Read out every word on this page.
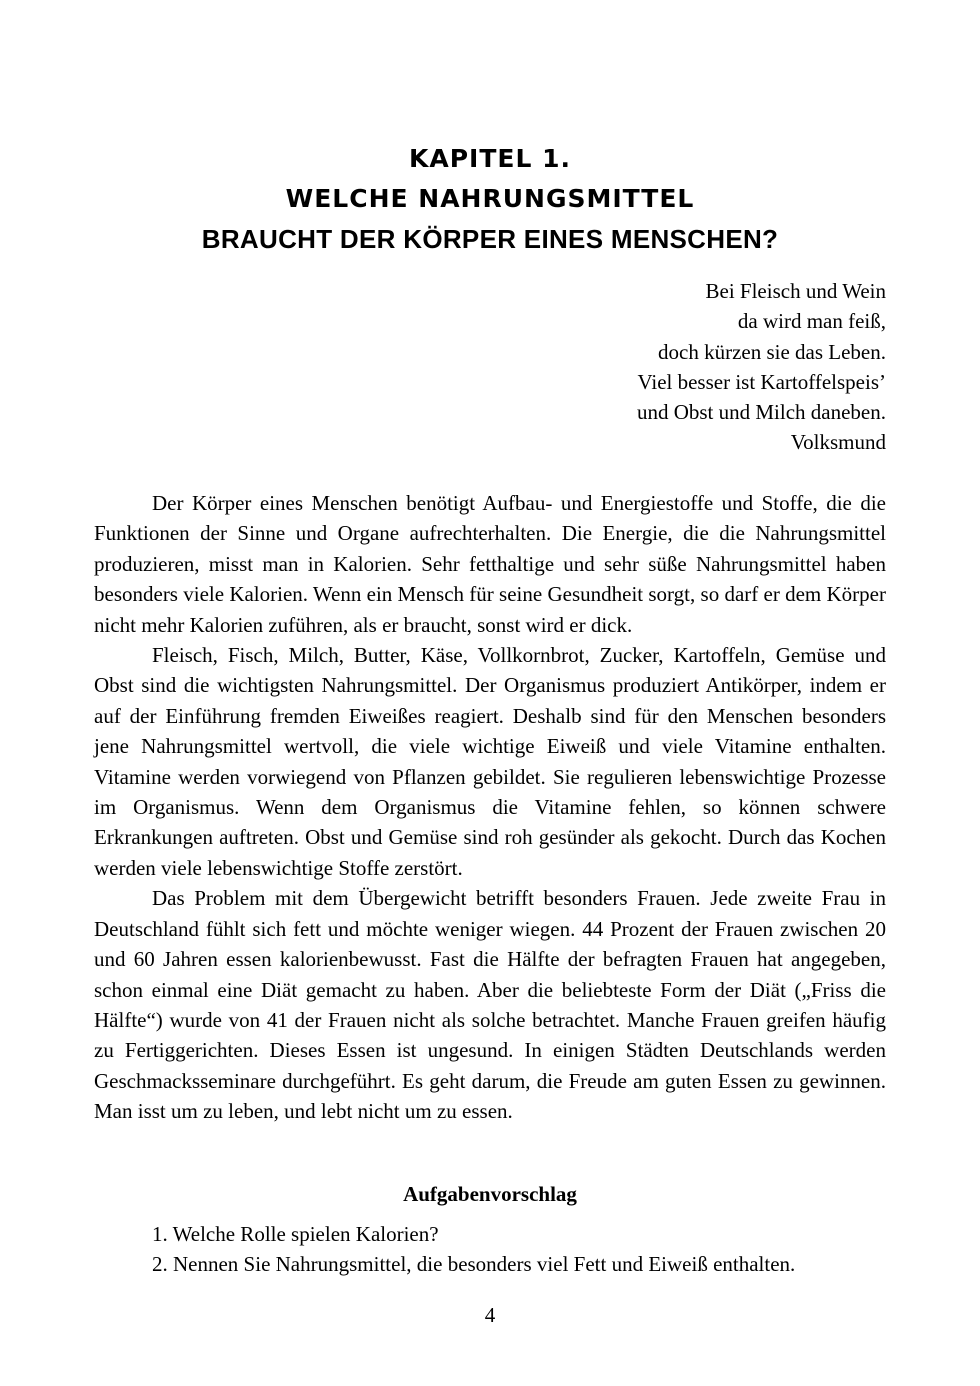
KAPITEL 1.
WELCHE NAHRUNGSMITTEL
BRAUCHT DER KÖRPER EINES MENSCHEN?
Bei Fleisch und Wein
da wird man feiß,
doch kürzen sie das Leben.
Viel besser ist Kartoffelspeis’
und Obst und Milch daneben.
Volksmund

Der Körper eines Menschen benötigt Aufbau- und Energiestoffe und Stoffe, die die Funktionen der Sinne und Organe aufrechterhalten. Die Energie, die die Nahrungsmittel produzieren, misst man in Kalorien. Sehr fetthaltige und sehr süße Nahrungsmittel haben besonders viele Kalorien. Wenn ein Mensch für seine Gesundheit sorgt, so darf er dem Körper nicht mehr Kalorien zuführen, als er braucht, sonst wird er dick.

Fleisch, Fisch, Milch, Butter, Käse, Vollkornbrot, Zucker, Kartoffeln, Gemüse und Obst sind die wichtigsten Nahrungsmittel. Der Organismus produziert Antikörper, indem er auf der Einführung fremden Eiweißes reagiert. Deshalb sind für den Menschen besonders jene Nahrungsmittel wertvoll, die viele wichtige Eiweiß und viele Vitamine enthalten. Vitamine werden vorwiegend von Pflanzen gebildet. Sie regulieren lebenswichtige Prozesse im Organismus. Wenn dem Organismus die Vitamine fehlen, so können schwere Erkrankungen auftreten. Obst und Gemüse sind roh gesünder als gekocht. Durch das Kochen werden viele lebenswichtige Stoffe zerstört.

Das Problem mit dem Übergewicht betrifft besonders Frauen. Jede zweite Frau in Deutschland fühlt sich fett und möchte weniger wiegen. 44 Prozent der Frauen zwischen 20 und 60 Jahren essen kalorienbewusst. Fast die Hälfte der befragten Frauen hat angegeben, schon einmal eine Diät gemacht zu haben. Aber die beliebteste Form der Diät („Friss die Hälfte“) wurde von 41 der Frauen nicht als solche betrachtet. Manche Frauen greifen häufig zu Fertiggerichten. Dieses Essen ist ungesund. In einigen Städten Deutschlands werden Geschmacksseminare durchgeführt. Es geht darum, die Freude am guten Essen zu gewinnen. Man isst um zu leben, und lebt nicht um zu essen.

Aufgabenvorschlag
1. Welche Rolle spielen Kalorien?
2. Nennen Sie Nahrungsmittel, die besonders viel Fett und Eiweiß enthalten.
4
